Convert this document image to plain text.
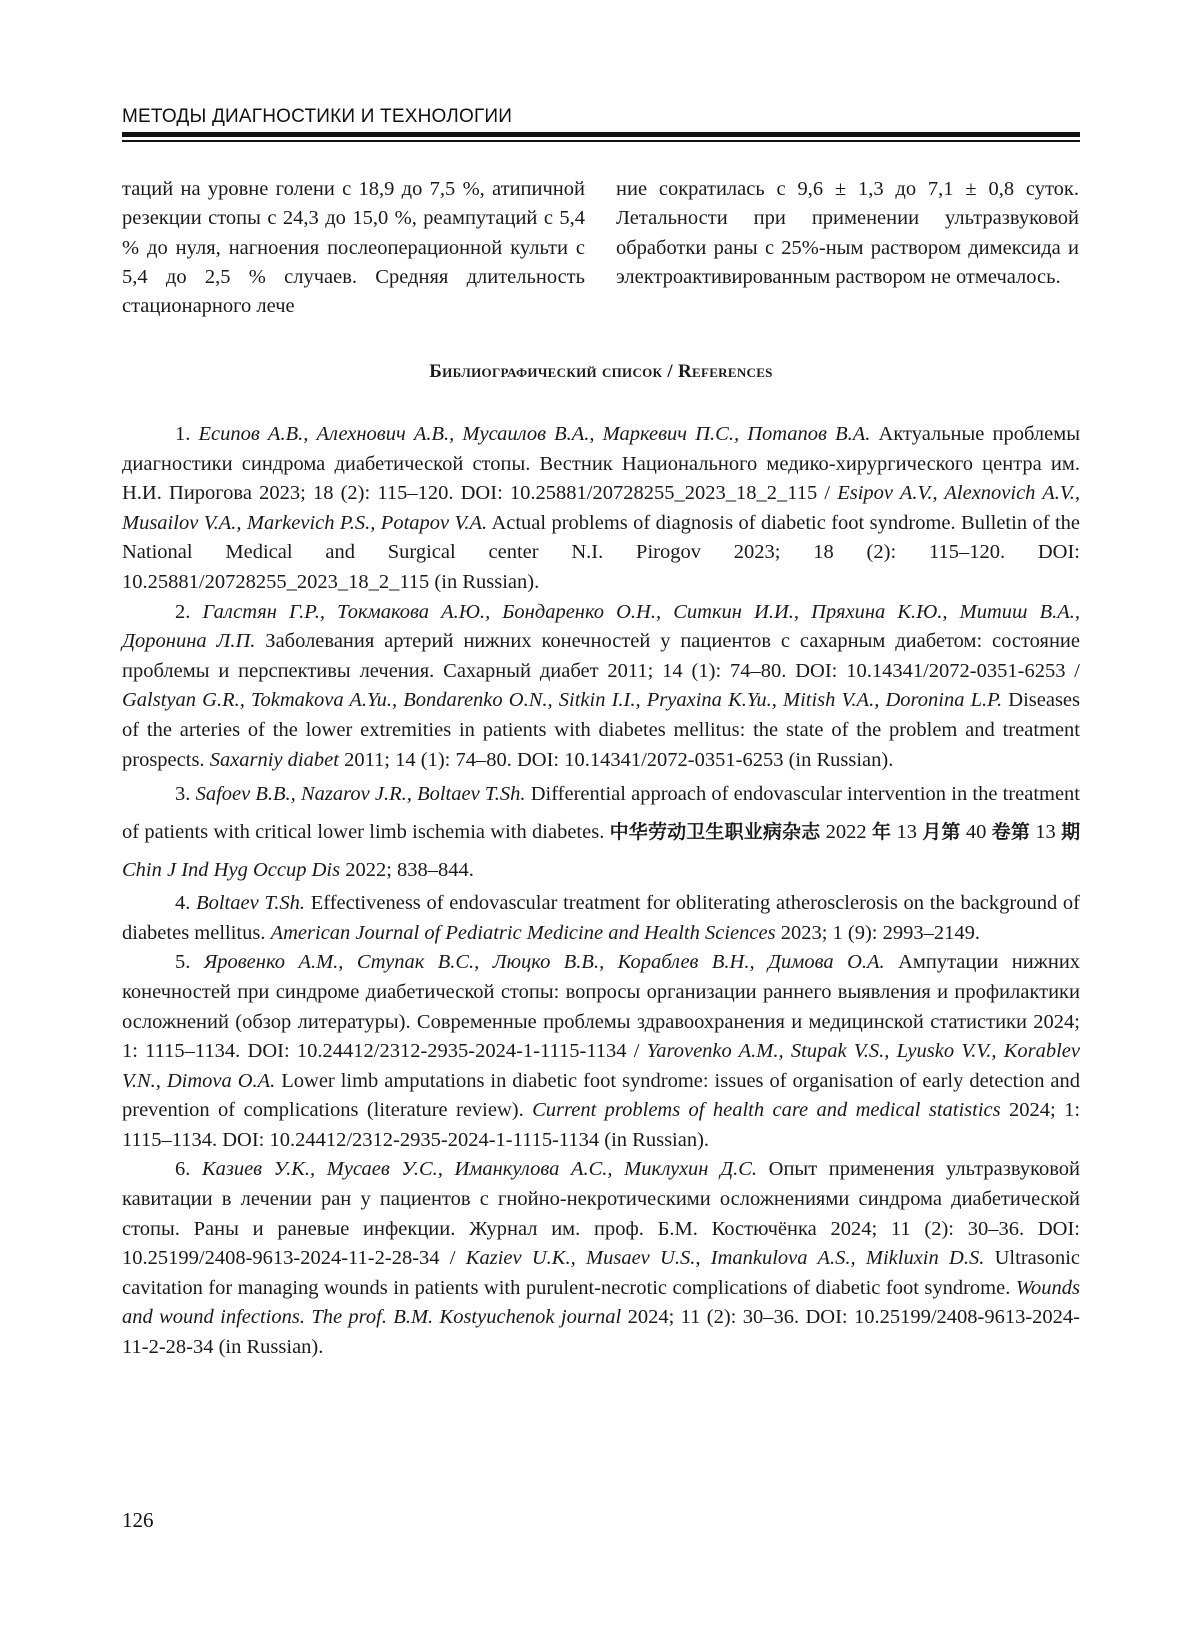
МЕТОДЫ ДИАГНОСТИКИ И ТЕХНОЛОГИИ
таций на уровне голени с 18,9 до 7,5 %, атипичной резекции стопы с 24,3 до 15,0 %, реампутаций с 5,4 % до нуля, нагноения послеоперационной культи с 5,4 до 2,5 % случаев. Средняя длительность стационарного лече
ние сократилась с 9,6 ± 1,3 до 7,1 ± 0,8 суток. Летальности при применении ультразвуковой обработки раны с 25%-ным раствором димексида и электроактивированным раствором не отмечалось.
Библиографический список / References

1. Есипов А.В., Алехнович А.В., Мусаилов В.А., Маркевич П.С., Потапов В.А. Актуальные проблемы диагностики синдрома диабетической стопы. Вестник Национального медико-хирургического центра им. Н.И. Пирогова 2023; 18 (2): 115–120. DOI: 10.25881/20728255_2023_18_2_115 / Esipov A.V., Alexnovich A.V., Musailov V.A., Markevich P.S., Potapov V.A. Actual problems of diagnosis of diabetic foot syndrome. Bulletin of the National Medical and Surgical center N.I. Pirogov 2023; 18 (2): 115–120. DOI: 10.25881/20728255_2023_18_2_115 (in Russian).

2. Галстян Г.Р., Токмакова А.Ю., Бондаренко О.Н., Ситкин И.И., Пряхина К.Ю., Митиш В.А., Доронина Л.П. Заболевания артерий нижних конечностей у пациентов с сахарным диабетом: состояние проблемы и перспективы лечения. Сахарный диабет 2011; 14 (1): 74–80. DOI: 10.14341/2072-0351-6253 / Galstyan G.R., Tokmakova A.Yu., Bondarenko O.N., Sitkin I.I., Pryaxina K.Yu., Mitish V.A., Doronina L.P. Diseases of the arteries of the lower extremities in patients with diabetes mellitus: the state of the problem and treatment prospects. Saxarniy diabet 2011; 14 (1): 74–80. DOI: 10.14341/2072-0351-6253 (in Russian).

3. Safoev B.B., Nazarov J.R., Boltaev T.Sh. Differential approach of endovascular intervention in the treatment of patients with critical lower limb ischemia with diabetes. 中华劳动卫生职业病杂志 2022 年 13 月第 40 卷第 13 期 Chin J Ind Hyg Occup Dis 2022; 838–844.

4. Boltaev T.Sh. Effectiveness of endovascular treatment for obliterating atherosclerosis on the background of diabetes mellitus. American Journal of Pediatric Medicine and Health Sciences 2023; 1 (9): 2993–2149.

5. Яровенко А.М., Ступак В.С., Люцко В.В., Кораблев В.Н., Димова О.А. Ампутации нижних конечностей при синдроме диабетической стопы: вопросы организации раннего выявления и профилактики осложнений (обзор литературы). Современные проблемы здравоохранения и медицинской статистики 2024; 1: 1115–1134. DOI: 10.24412/2312-2935-2024-1-1115-1134 / Yarovenko A.M., Stupak V.S., Lyusko V.V., Korablev V.N., Dimova O.A. Lower limb amputations in diabetic foot syndrome: issues of organisation of early detection and prevention of complications (literature review). Current problems of health care and medical statistics 2024; 1: 1115–1134. DOI: 10.24412/2312-2935-2024-1-1115-1134 (in Russian).

6. Казиев У.К., Мусаев У.С., Иманкулова А.С., Миклухин Д.С. Опыт применения ультразвуковой кавитации в лечении ран у пациентов с гнойно-некротическими осложнениями синдрома диабетической стопы. Раны и раневые инфекции. Журнал им. проф. Б.М. Костючёнка 2024; 11 (2): 30–36. DOI: 10.25199/2408-9613-2024-11-2-28-34 / Kaziev U.K., Musaev U.S., Imankulova A.S., Mikluxin D.S. Ultrasonic cavitation for managing wounds in patients with purulent-necrotic complications of diabetic foot syndrome. Wounds and wound infections. The prof. B.M. Kostyuchenok journal 2024; 11 (2): 30–36. DOI: 10.25199/2408-9613-2024-11-2-28-34 (in Russian).

126
